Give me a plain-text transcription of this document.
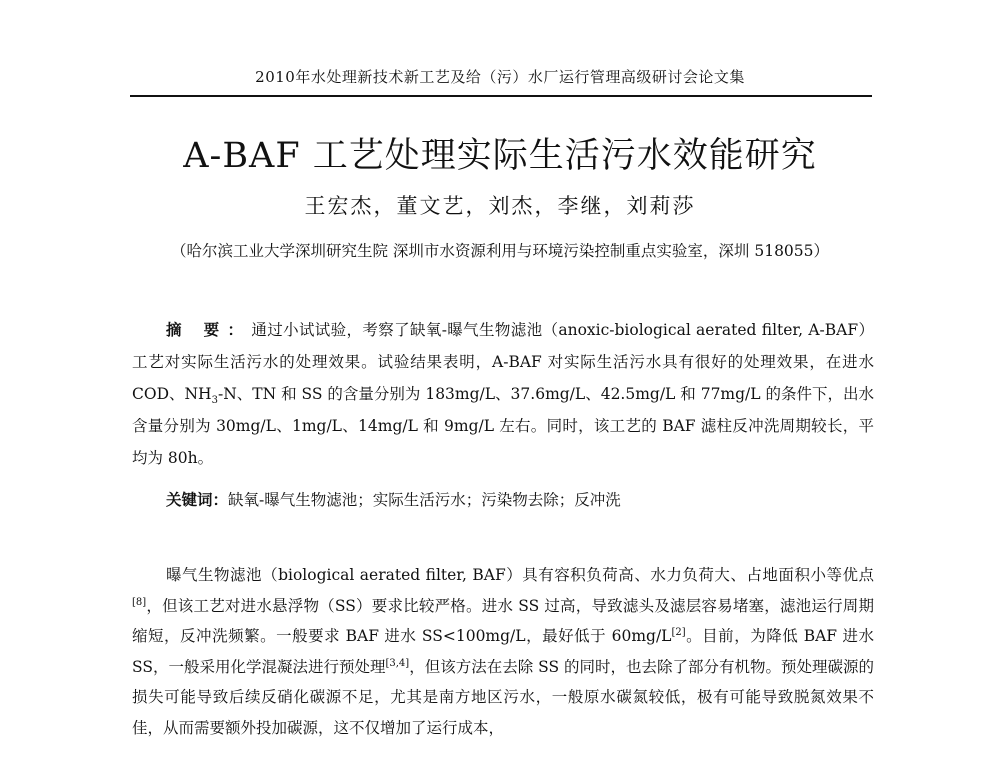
2010年水处理新技术新工艺及给（污）水厂运行管理高级研讨会论文集
A-BAF 工艺处理实际生活污水效能研究
王宏杰，董文艺，刘杰，李继，刘莉莎
（哈尔滨工业大学深圳研究生院 深圳市水资源利用与环境污染控制重点实验室，深圳 518055）

摘 要：通过小试试验，考察了缺氧-曝气生物滤池（anoxic-biological aerated filter, A-BAF）工艺对实际生活污水的处理效果。试验结果表明，A-BAF 对实际生活污水具有很好的处理效果，在进水 COD、$NH_3-N$、TN 和 SS 的含量分别为 183mg/L、37.6mg/L、42.5mg/L 和 77mg/L 的条件下，出水含量分别为 30mg/L、1mg/L、14mg/L 和 9mg/L 左右。同时，该工艺的 BAF 滤柱反冲洗周期较长，平均为 80h。

关键词：缺氧-曝气生物滤池；实际生活污水；污染物去除；反冲洗

曝气生物滤池（biological aerated filter, BAF）具有容积负荷高、水力负荷大、占地面积小等优点[8]，但该工艺对进水悬浮物（SS）要求比较严格。进水 SS 过高，导致滤头及滤层容易堵塞，滤池运行周期缩短，反冲洗频繁。一般要求 BAF 进水 SS<100mg/L，最好低于 60mg/L[2]。目前，为降低 BAF 进水 SS，一般采用化学混凝法进行预处理[3,4]，但该方法在去除 SS 的同时，也去除了部分有机物。预处理碳源的损失可能导致后续反硝化碳源不足，尤其是南方地区污水，一般原水碳氮较低，极有可能导致脱氮效果不佳，从而需要额外投加碳源，这不仅增加了运行成本，
